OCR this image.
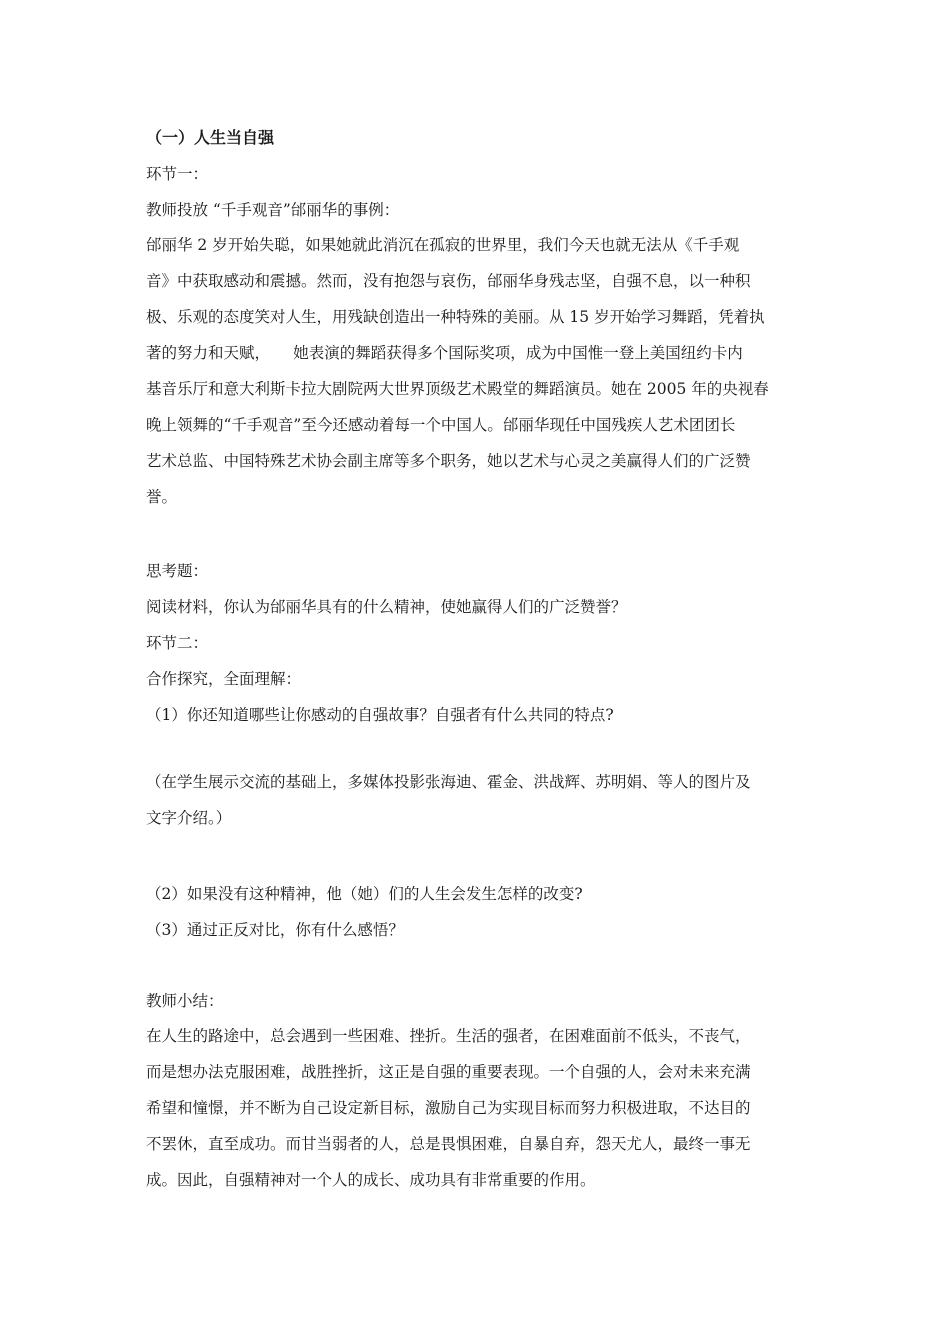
（一）人生当自强
环节一：
教师投放 “千手观音”邰丽华的事例：
邰丽华 2 岁开始失聪，如果她就此消沉在孤寂的世界里，我们今天也就无法从《千手观
音》中获取感动和震撼。然而，没有抱怨与哀伤，邰丽华身残志坚，自强不息，以一种积
极、乐观的态度笑对人生，用残缺创造出一种特殊的美丽。从 15 岁开始学习舞蹈，凭着执
著的努力和天赋，　　她表演的舞蹈获得多个国际奖项，成为中国惟一登上美国纽约卡内
基音乐厅和意大利斯卡拉大剧院两大世界顶级艺术殿堂的舞蹈演员。她在 2005 年的央视春
晚上领舞的“千手观音”至今还感动着每一个中国人。邰丽华现任中国残疾人艺术团团长
艺术总监、中国特殊艺术协会副主席等多个职务，她以艺术与心灵之美赢得人们的广泛赞
誉。
思考题：
阅读材料，你认为邰丽华具有的什么精神，使她赢得人们的广泛赞誉？
环节二：
合作探究，全面理解：
（1）你还知道哪些让你感动的自强故事？自强者有什么共同的特点?
（在学生展示交流的基础上，多媒体投影张海迪、霍金、洪战辉、苏明娟、等人的图片及
文字介绍。）
（2）如果没有这种精神，他（她）们的人生会发生怎样的改变?
（3）通过正反对比，你有什么感悟？
教师小结：
在人生的路途中，总会遇到一些困难、挫折。生活的强者，在困难面前不低头，不丧气，
而是想办法克服困难，战胜挫折，这正是自强的重要表现。一个自强的人，会对未来充满
希望和憧憬，并不断为自己设定新目标，激励自己为实现目标而努力积极进取，不达目的
不罢休，直至成功。而甘当弱者的人，总是畏惧困难，自暴自弃，怨天尤人，最终一事无
成。因此，自强精神对一个人的成长、成功具有非常重要的作用。
